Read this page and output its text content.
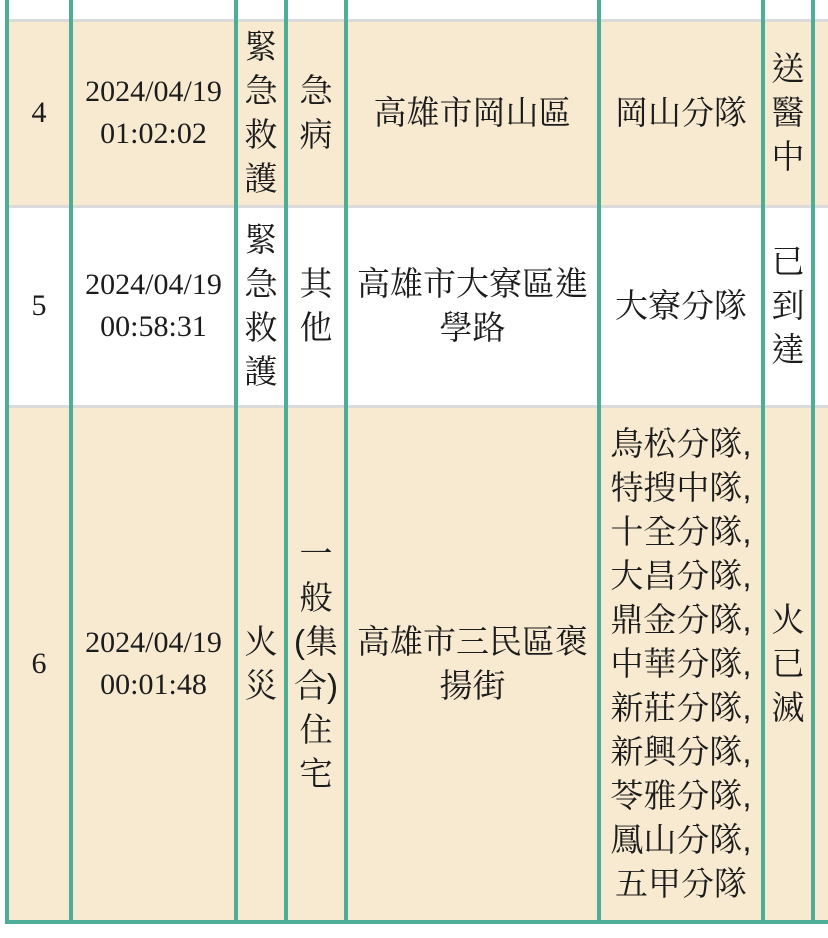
4	2024/04/19 01:02:02	緊急救護	急病	高雄市岡山區	岡山分隊	送醫中	
5	2024/04/19 00:58:31	緊急救護	其他	高雄市大寮區進學路	大寮分隊	已到達	
6	2024/04/19 00:01:48	火災	一般(集合)住宅	高雄市三民區褒揚街	鳥松分隊,特搜中隊,十全分隊,大昌分隊,鼎金分隊,中華分隊,新莊分隊,新興分隊,苓雅分隊,鳳山分隊,五甲分隊	火已滅	
